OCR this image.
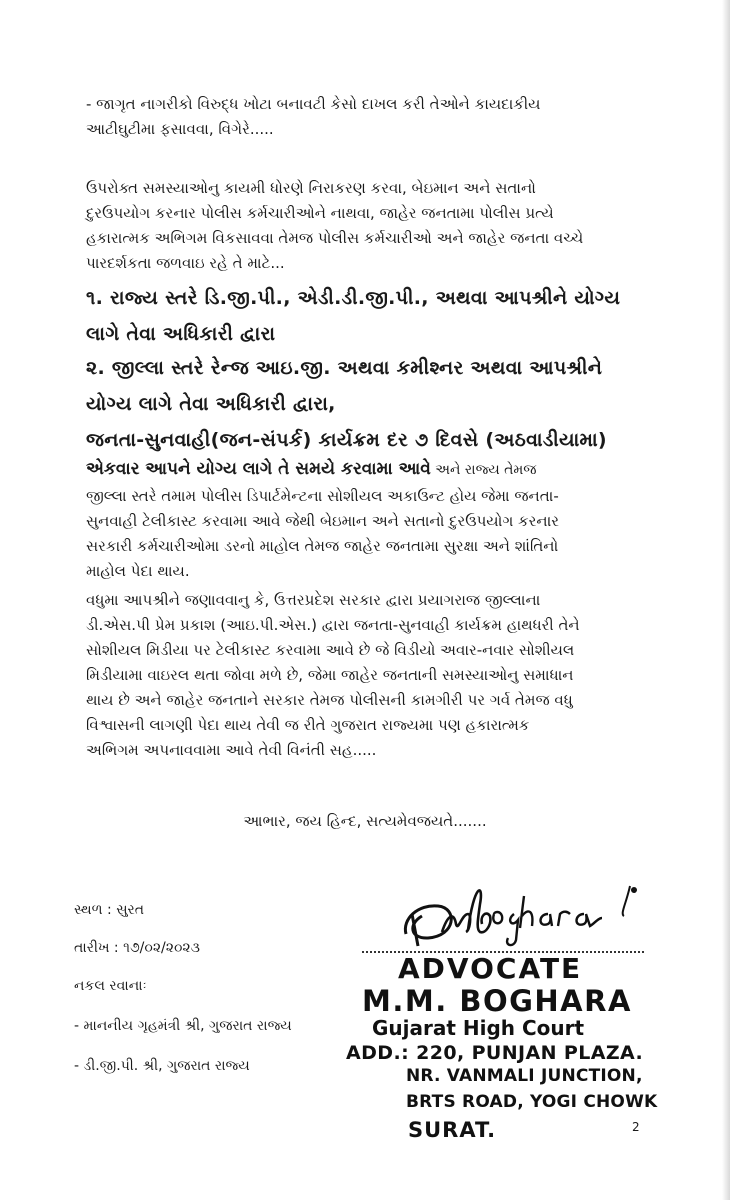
- જાગૃત નાગરીકો વિરુદ્ધ ખોટા બનાવટી કેસો દાખલ કરી તેઓને કાયદાકીય
આટીઘુટીમા ફસાવવા, વિગેરે.....

ઉપરોક્ત સમસ્યાઓનુ કાયમી ધોરણે નિરાકરણ કરવા, બેઇમાન અને સતાનો
દુરઉપયોગ કરનાર પોલીસ કર્મચારીઓને નાથવા, જાહેર જનતામા પોલીસ પ્રત્યે
હકારાત્મક અભિગમ વિકસાવવા તેમજ પોલીસ કર્મચારીઓ અને જાહેર જનતા વચ્ચે
પારદર્શકતા જળવાઇ રહે તે માટે...

૧. રાજ્ય સ્તરે ડિ.જી.પી., એડી.ડી.જી.પી., અથવા આપશ્રીને યોગ્ય
લાગે તેવા અધિકારી દ્વારા

૨. જીલ્લા સ્તરે રેન્જ આઇ.જી. અથવા કમીશ્નર અથવા આપશ્રીને
યોગ્ય લાગે તેવા અધિકારી દ્વારા,
જનતા-સુનવાહી(જન-સંપર્ક) કાર્યક્રમ દર ૭ દિવસે (અઠવાડીયામા)

એકવાર આપને યોગ્ય લાગે તે સમયે કરવામા આવે અને રાજ્ય તેમજ

જીલ્લા સ્તરે તમામ પોલીસ ડિપાર્ટમેન્ટના સોશીયલ અકાઉન્ટ હોય જેમા જનતા-
સુનવાહી ટેલીકાસ્ટ કરવામા આવે જેથી બેઇમાન અને સતાનો દુરઉપયોગ કરનાર
સરકારી કર્મચારીઓમા ડરનો માહોલ તેમજ જાહેર જનતામા સુરક્ષા અને શાંતિનો
માહોલ પેદા થાય.

વધુમા આપશ્રીને જણાવવાનુ કે, ઉત્તરપ્રદેશ સરકાર દ્વારા પ્રયાગરાજ જીલ્લાના
ડી.એસ.પી પ્રેમ પ્રકાશ (આઇ.પી.એસ.) દ્વારા જનતા-સુનવાહી કાર્યક્રમ હાથધરી તેને
સોશીયલ મિડીયા પર ટેલીકાસ્ટ કરવામા આવે છે જે વિડીયો અવાર-નવાર સોશીયલ
મિડીયામા વાઇરલ થતા જોવા મળે છે, જેમા જાહેર જનતાની સમસ્યાઓનુ સમાધાન
થાય છે અને જાહેર જનતાને સરકાર તેમજ પોલીસની કામગીરી પર ગર્વ તેમજ વધુ
વિશ્વાસની લાગણી પેદા થાય તેવી જ રીતે ગુજરાત રાજ્યમા પણ હકારાત્મક
અભિગમ અપનાવવામા આવે તેવી વિનંતી સહ.....

આભાર, જય હિન્દ, સત્યમેવજયતે.......
સ્થળ : સુરત
તારીખ : ૧૭/૦૨/૨૦૨૩
નકલ રવાનાઃ
- માનનીય ગૃહમંત્રી શ્રી, ગુજરાત રાજ્ય
- ડી.જી.પી. શ્રી, ગુજરાત રાજ્ય
ADVOCATE
M.M. BOGHARA
Gujarat High Court
ADD.: 220, PUNJAN PLAZA.
NR. VANMALI JUNCTION,
BRTS ROAD, YOGI CHOWK
SURAT.	2
